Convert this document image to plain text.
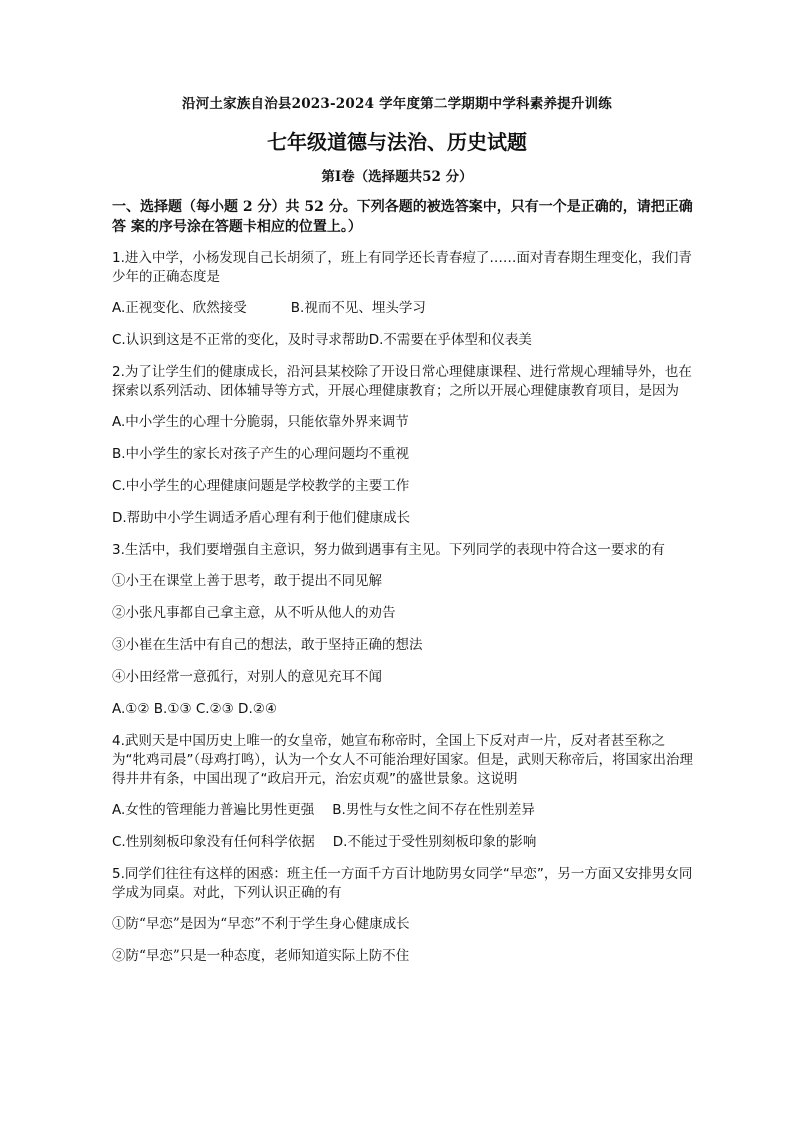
沿河土家族自治县2023-2024 学年度第二学期期中学科素养提升训练
七年级道德与法治、历史试题
第Ⅰ卷（选择题共52 分）
一、选择题（每小题 2 分）共 52 分。下列各题的被选答案中，只有一个是正确的，请把正确答 案的序号涂在答题卡相应的位置上。）
1.进入中学，小杨发现自己长胡须了，班上有同学还长青春痘了……面对青春期生理变化，我们青少年的正确态度是
A.正视变化、欣然接受	B.视而不见、埋头学习
C.认识到这是不正常的变化，及时寻求帮助D.不需要在乎体型和仪表美
2.为了让学生们的健康成长，沿河县某校除了开设日常心理健康课程、进行常规心理辅导外，也在探索以系列活动、团体辅导等方式，开展心理健康教育；之所以开展心理健康教育项目，是因为
A.中小学生的心理十分脆弱，只能依靠外界来调节
B.中小学生的家长对孩子产生的心理问题均不重视
C.中小学生的心理健康问题是学校教学的主要工作
D.帮助中小学生调适矛盾心理有利于他们健康成长
3.生活中，我们要增强自主意识，努力做到遇事有主见。下列同学的表现中符合这一要求的有
①小王在课堂上善于思考，敢于提出不同见解
②小张凡事都自己拿主意，从不听从他人的劝告
③小崔在生活中有自己的想法，敢于坚持正确的想法
④小田经常一意孤行，对别人的意见充耳不闻
A.①② B.①③ C.②③ D.②④
4.武则天是中国历史上唯一的女皇帝，她宣布称帝时，全国上下反对声一片，反对者甚至称之为“牝鸡司晨”（母鸡打鸣），认为一个女人不可能治理好国家。但是，武则天称帝后，将国家出治理得井井有条，中国出现了“政启开元，治宏贞观”的盛世景象。这说明
A.女性的管理能力普遍比男性更强 B.男性与女性之间不存在性别差异
C.性别刻板印象没有任何科学依据 D.不能过于受性别刻板印象的影响
5.同学们往往有这样的困惑：班主任一方面千方百计地防男女同学“早恋”，另一方面又安排男女同学成为同桌。对此，下列认识正确的有
①防“早恋”是因为“早恋”不利于学生身心健康成长
②防“早恋”只是一种态度，老师知道实际上防不住
